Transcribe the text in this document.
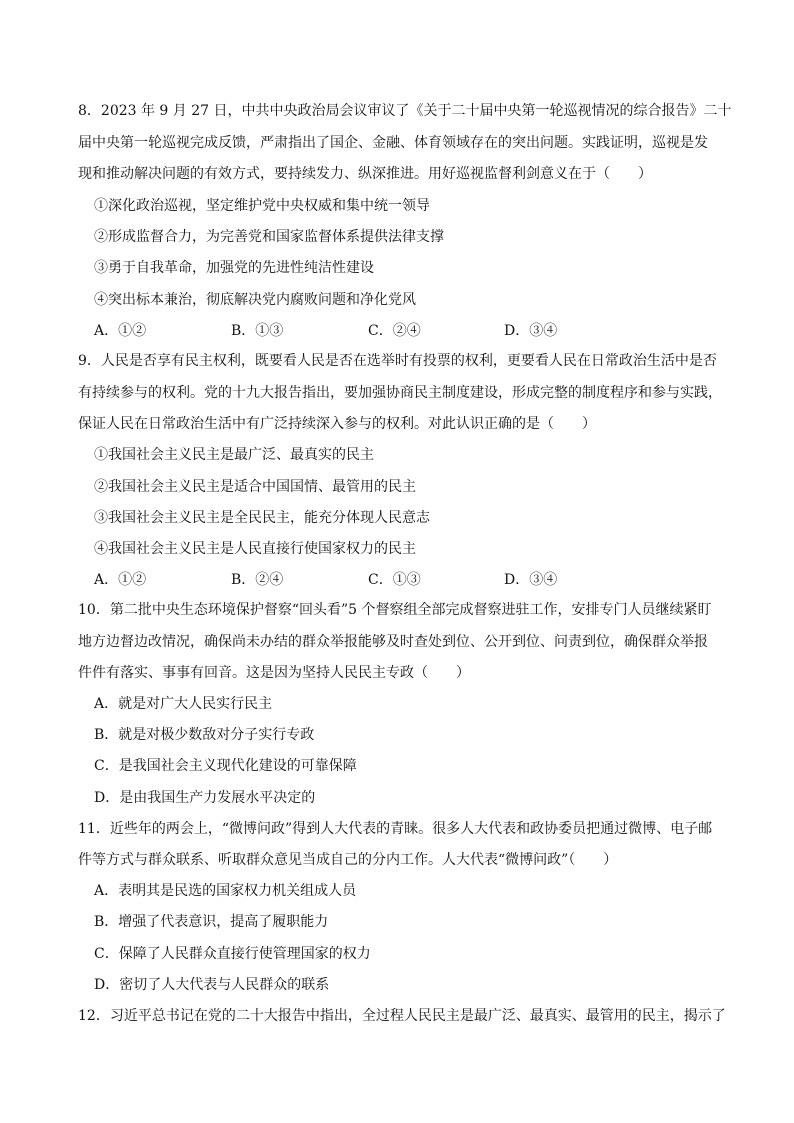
8．2023 年 9 月 27 日，中共中央政治局会议审议了《关于二十届中央第一轮巡视情况的综合报告》二十
届中央第一轮巡视完成反馈，严肃指出了国企、金融、体育领域存在的突出问题。实践证明，巡视是发
现和推动解决问题的有效方式，要持续发力、纵深推进。用好巡视监督利剑意义在于（　　）
①深化政治巡视，坚定维护党中央权威和集中统一领导
②形成监督合力，为完善党和国家监督体系提供法律支撑
③勇于自我革命，加强党的先进性纯洁性建设
④突出标本兼治，彻底解决党内腐败问题和净化党风
A．①②	B．①③	C．②④	D．③④
9．人民是否享有民主权利，既要看人民是否在选举时有投票的权利，更要看人民在日常政治生活中是否
有持续参与的权利。党的十九大报告指出，要加强协商民主制度建设，形成完整的制度程序和参与实践，
保证人民在日常政治生活中有广泛持续深入参与的权利。对此认识正确的是（　　）
①我国社会主义民主是最广泛、最真实的民主
②我国社会主义民主是适合中国国情、最管用的民主
③我国社会主义民主是全民民主，能充分体现人民意志
④我国社会主义民主是人民直接行使国家权力的民主
A．①②	B．②④	C．①③	D．③④
10．第二批中央生态环境保护督察“回头看”5 个督察组全部完成督察进驻工作，安排专门人员继续紧盯
地方边督边改情况，确保尚未办结的群众举报能够及时查处到位、公开到位、问责到位，确保群众举报
件件有落实、事事有回音。这是因为坚持人民民主专政（　　）
A．就是对广大人民实行民主
B．就是对极少数敌对分子实行专政
C．是我国社会主义现代化建设的可靠保障
D．是由我国生产力发展水平决定的
11．近些年的两会上，“微博问政”得到人大代表的青睐。很多人大代表和政协委员把通过微博、电子邮
件等方式与群众联系、听取群众意见当成自己的分内工作。人大代表“微博问政”（　　）
A．表明其是民选的国家权力机关组成人员
B．增强了代表意识，提高了履职能力
C．保障了人民群众直接行使管理国家的权力
D．密切了人大代表与人民群众的联系
12．习近平总书记在党的二十大报告中指出，全过程人民民主是最广泛、最真实、最管用的民主，揭示了
